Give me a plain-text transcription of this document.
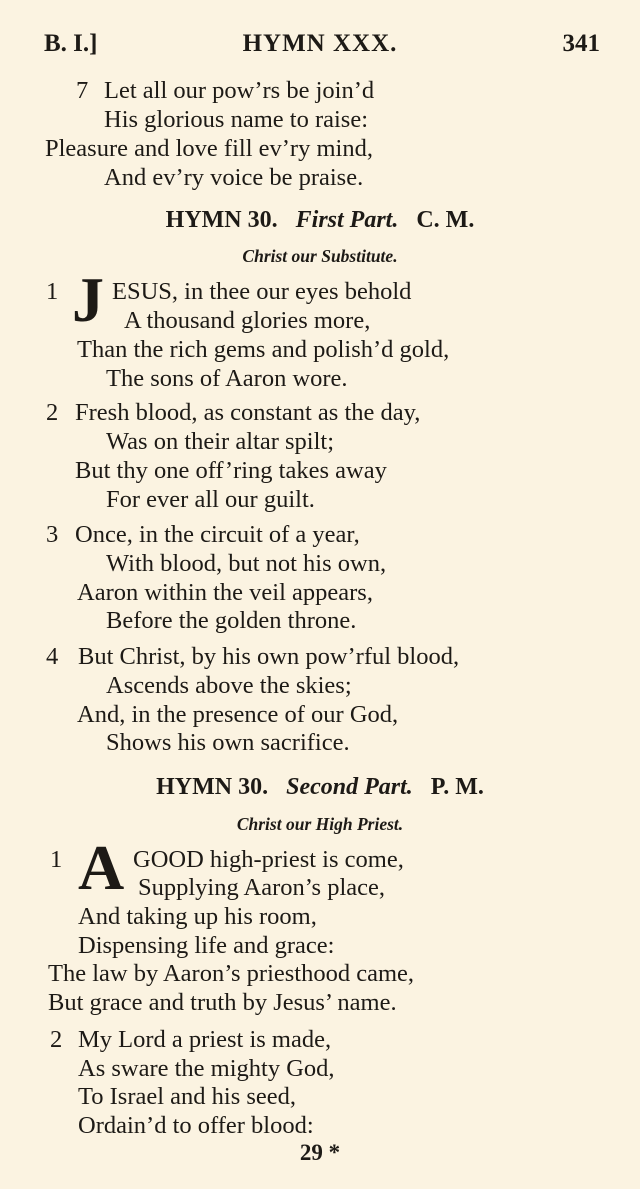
B. I.]	HYMN XXX.	341
7 Let all our pow’rs be join’d
His glorious name to raise:
Pleasure and love fill ev’ry mind,
And ev’ry voice be praise.
HYMN 30. First Part. C. M.
Christ our Substitute.
1 J ESUS, in thee our eyes behold
A thousand glories more,
Than the rich gems and polish’d gold,
The sons of Aaron wore.
2 Fresh blood, as constant as the day,
Was on their altar spilt;
But thy one off’ring takes away
For ever all our guilt.
3 Once, in the circuit of a year,
With blood, but not his own,
Aaron within the veil appears,
Before the golden throne.
4 But Christ, by his own pow’rful blood,
Ascends above the skies;
And, in the presence of our God,
Shows his own sacrifice.
HYMN 30. Second Part. P. M.
Christ our High Priest.
1 A GOOD high-priest is come,
Supplying Aaron’s place,
And taking up his room,
Dispensing life and grace:
The law by Aaron’s priesthood came,
But grace and truth by Jesus’ name.
2 My Lord a priest is made,
As sware the mighty God,
To Israel and his seed,
Ordain’d to offer blood:
29 *
